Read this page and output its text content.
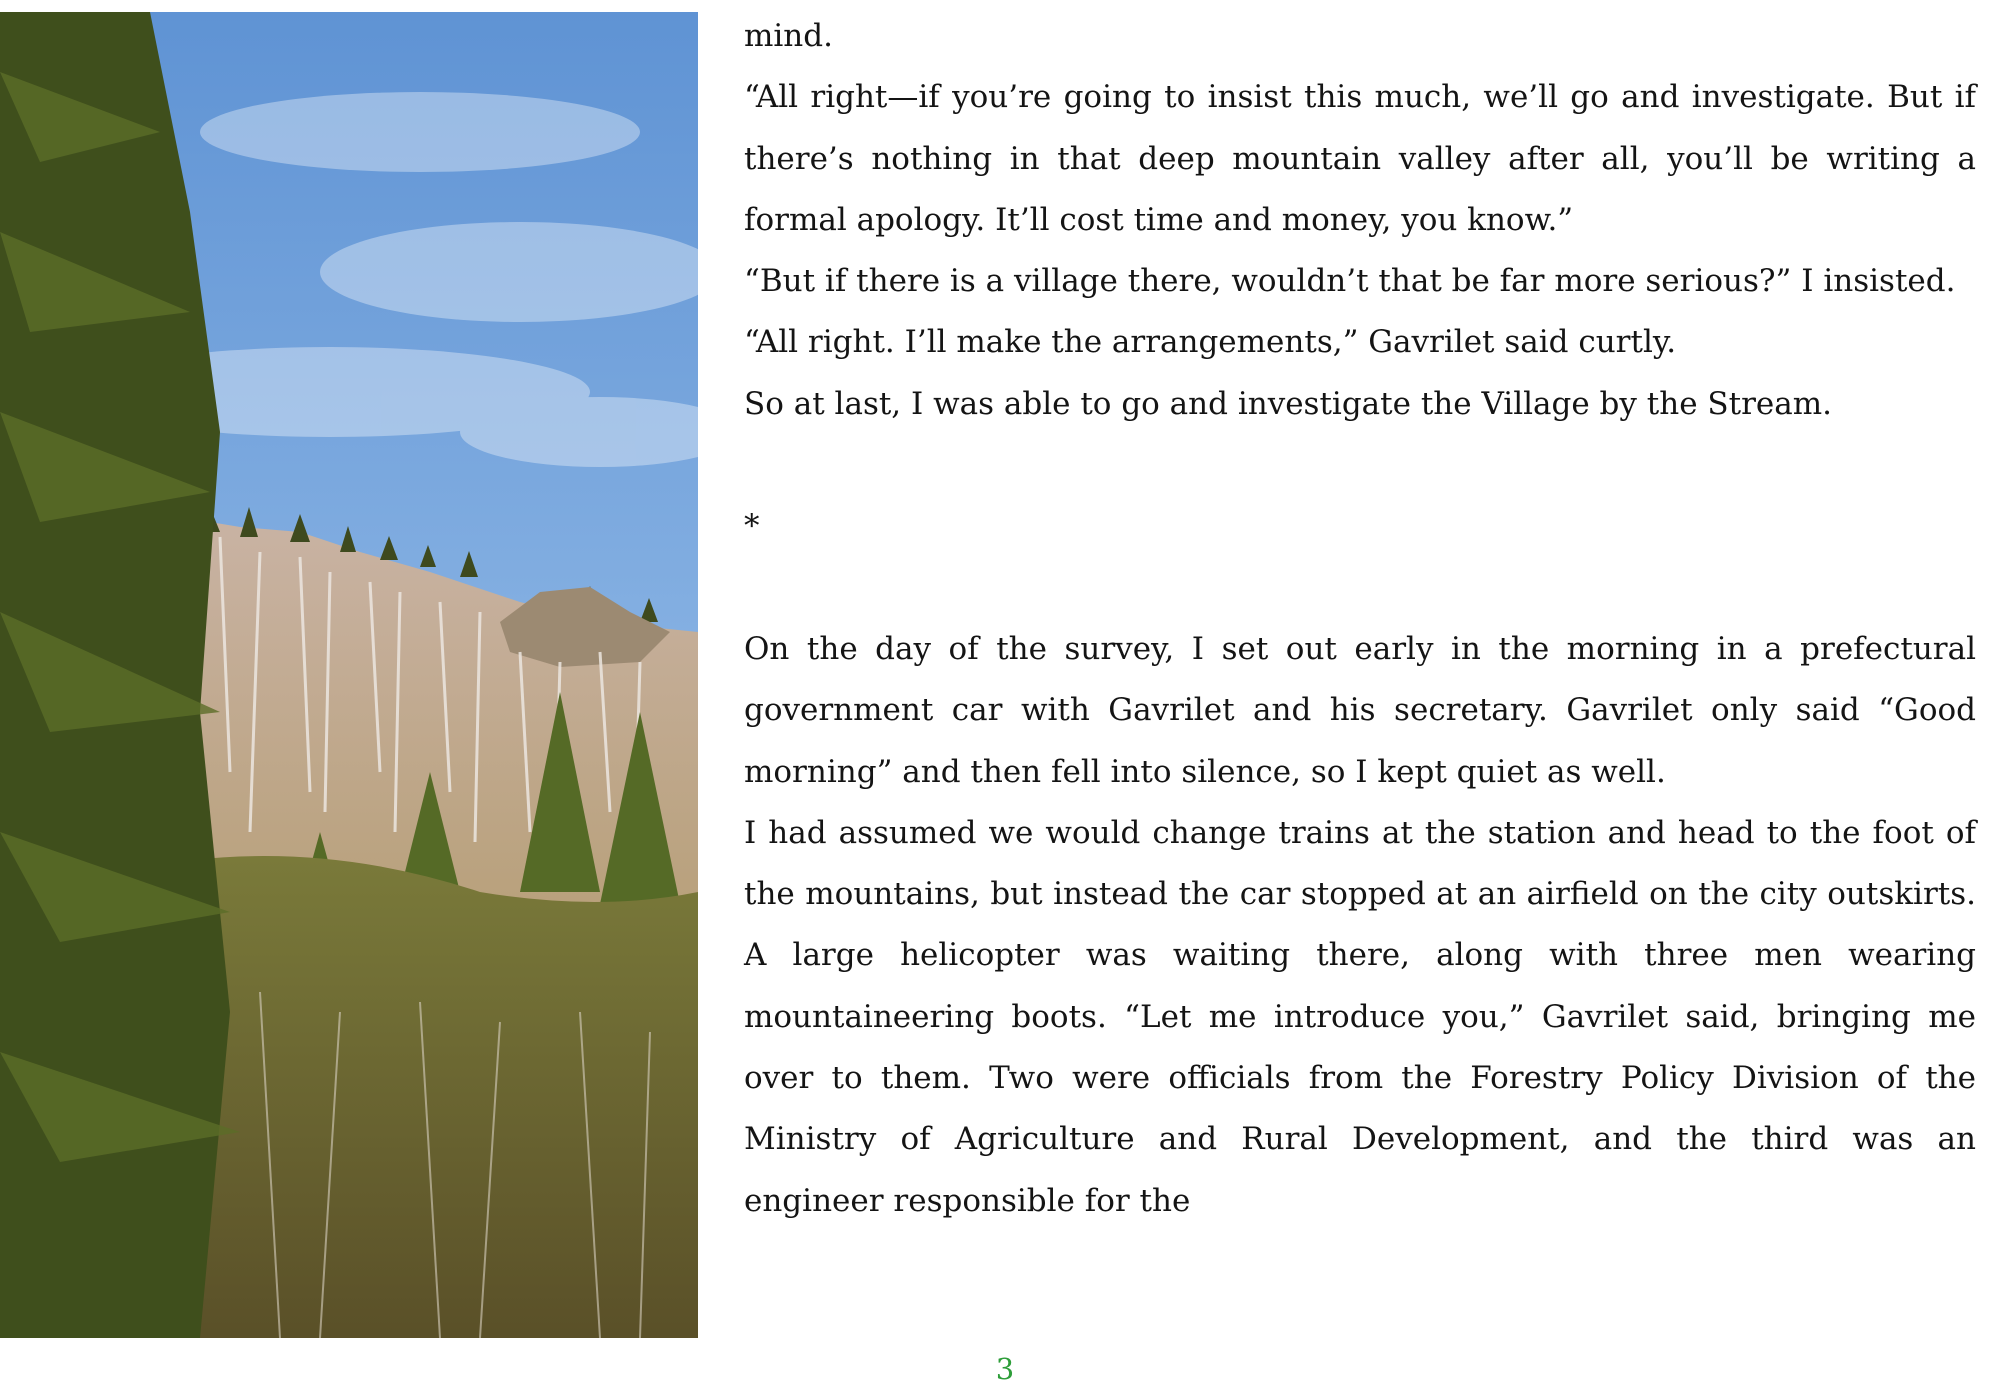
mind.

“All right—if you’re going to insist this much, we’ll go and investigate. But if there’s nothing in that deep mountain valley after all, you’ll be writing a formal apology. It’ll cost time and money, you know.”

“But if there is a village there, wouldn’t that be far more serious?” I insisted.

“All right. I’ll make the arrangements,” Gavrilet said curtly.

So at last, I was able to go and investigate the Village by the Stream.

*

On the day of the survey, I set out early in the morning in a prefectural government car with Gavrilet and his secretary. Gavrilet only said “Good morning” and then fell into silence, so I kept quiet as well.

I had assumed we would change trains at the station and head to the foot of the mountains, but instead the car stopped at an airfield on the city outskirts. A large helicopter was waiting there, along with three men wearing mountaineering boots. “Let me introduce you,” Gavrilet said, bringing me over to them. Two were officials from the Forestry Policy Division of the Ministry of Agriculture and Rural Development, and the third was an engineer responsible for the

3
